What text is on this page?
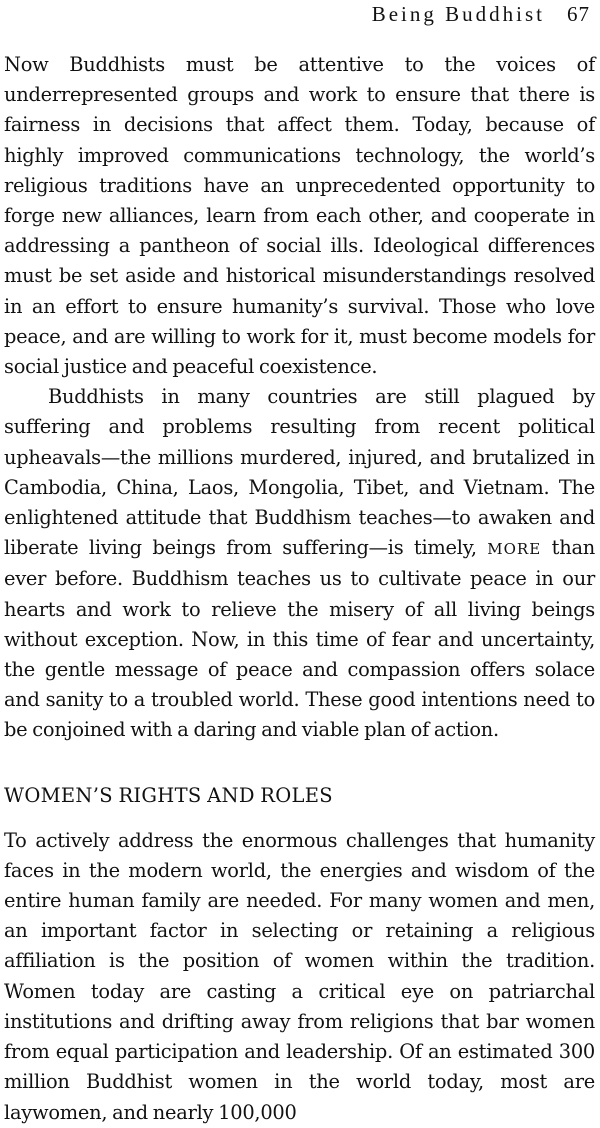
Being Buddhist 67

Now Buddhists must be attentive to the voices of underrepresented groups and work to ensure that there is fairness in decisions that affect them. Today, because of highly improved communications technology, the world’s religious traditions have an unprecedented opportunity to forge new alliances, learn from each other, and cooperate in addressing a pantheon of social ills. Ideological differences must be set aside and historical misunderstandings resolved in an effort to ensure humanity’s survival. Those who love peace, and are willing to work for it, must become models for social justice and peaceful coexistence.

Buddhists in many countries are still plagued by suffering and problems resulting from recent political upheavals—the millions murdered, injured, and brutalized in Cambodia, China, Laos, Mongolia, Tibet, and Vietnam. The enlightened attitude that Buddhism teaches—to awaken and liberate living beings from suffering—is timely, MORE than ever before. Buddhism teaches us to cultivate peace in our hearts and work to relieve the misery of all living beings without exception. Now, in this time of fear and uncertainty, the gentle message of peace and compassion offers solace and sanity to a troubled world. These good intentions need to be conjoined with a daring and viable plan of action.

WOMEN’S RIGHTS AND ROLES

To actively address the enormous challenges that humanity faces in the modern world, the energies and wisdom of the entire human family are needed. For many women and men, an important factor in selecting or retaining a religious affiliation is the position of women within the tradition. Women today are casting a critical eye on patriarchal institutions and drifting away from religions that bar women from equal participation and leadership. Of an estimated 300 million Buddhist women in the world today, most are laywomen, and nearly 100,000
